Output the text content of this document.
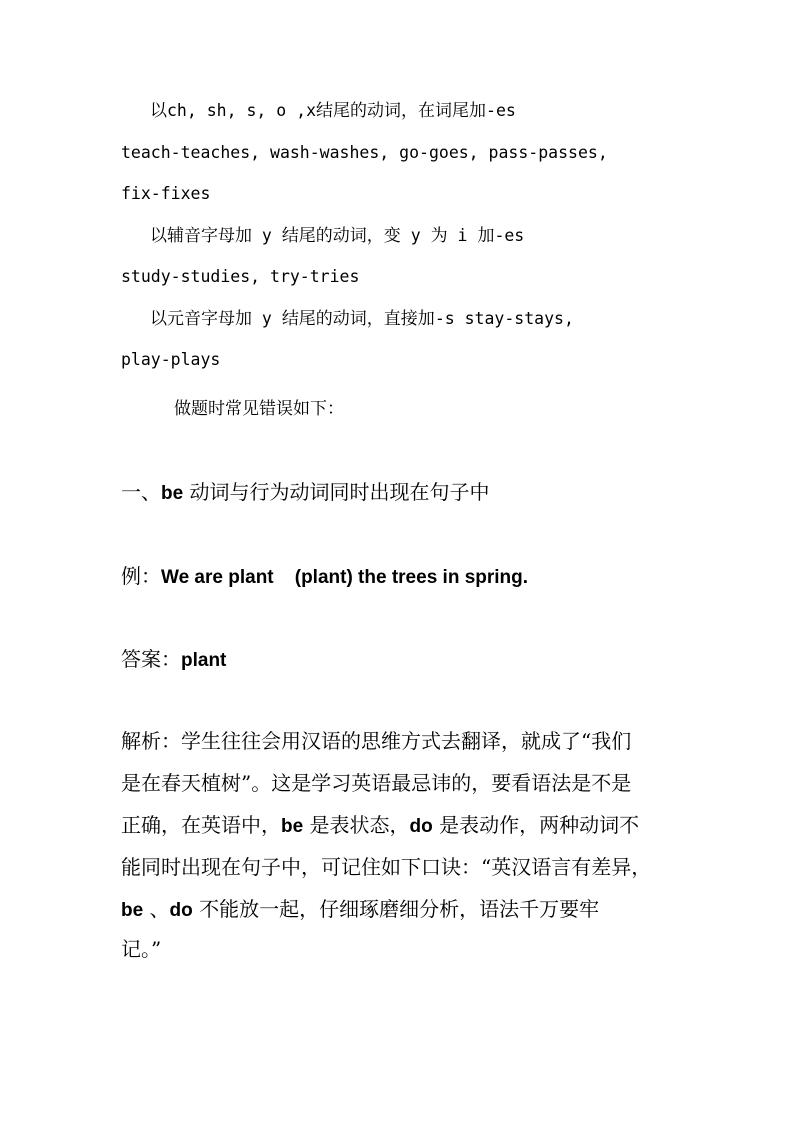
以ch, sh, s, o ,x结尾的动词，在词尾加-es
teach-teaches, wash-washes, go-goes, pass-passes,
fix-fixes
以辅音字母加 y 结尾的动词，变 y 为 i 加-es
study-studies, try-tries
以元音字母加 y 结尾的动词，直接加-s stay-stays,
play-plays
做题时常见错误如下：
一、be 动词与行为动词同时出现在句子中
例：We are plant    (plant) the trees in spring.
答案：plant
解析：学生往往会用汉语的思维方式去翻译，就成了“我们
是在春天植树”。这是学习英语最忌讳的，要看语法是不是
正确，在英语中，be 是表状态，do 是表动作，两种动词不
能同时出现在句子中，可记住如下口诀：“英汉语言有差异，
be 、do 不能放一起，仔细琢磨细分析，语法千万要牢
记。”
